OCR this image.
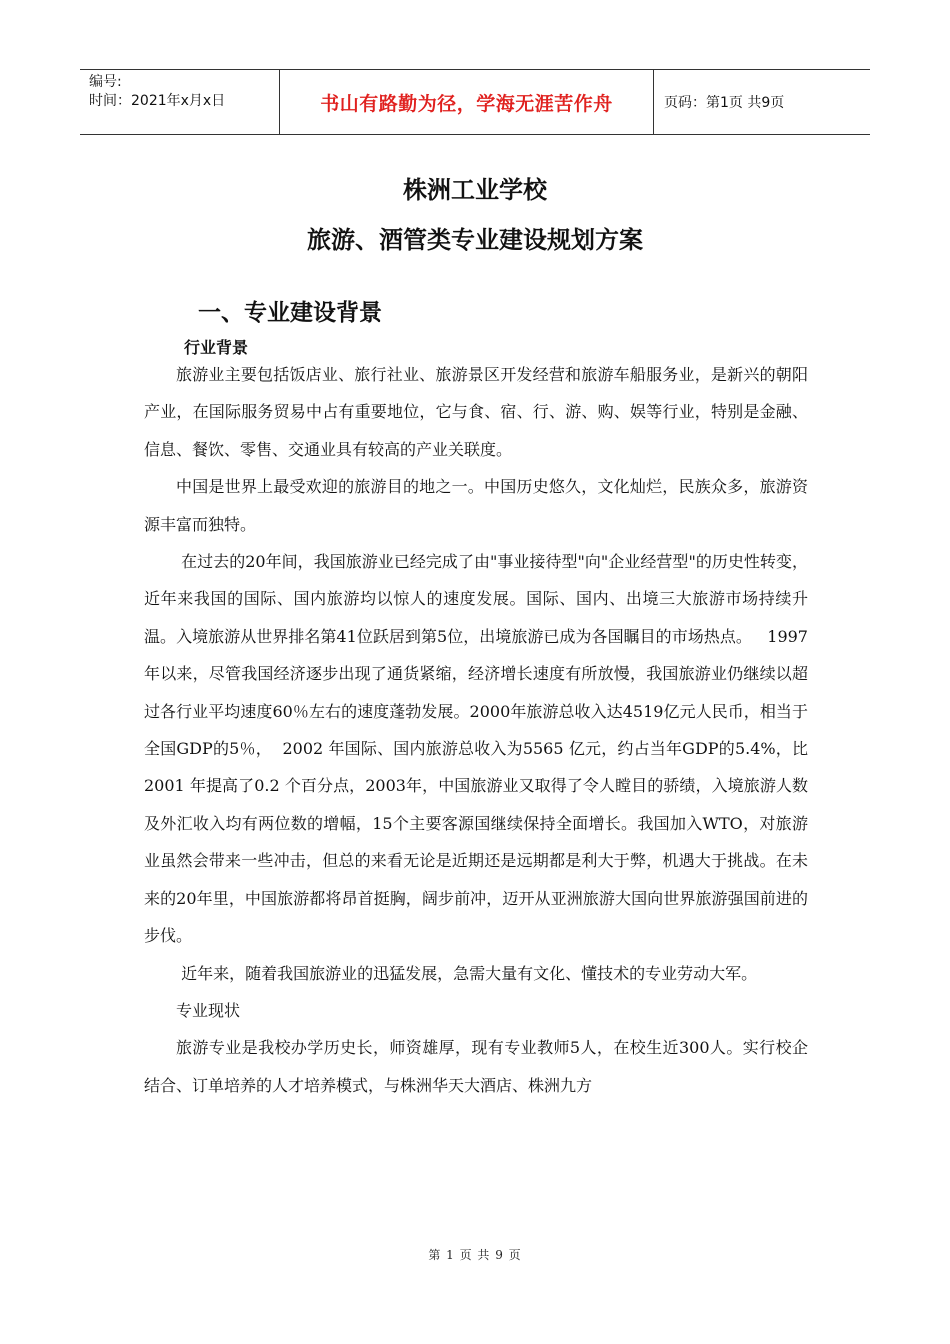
编号:
时间：2021年x月x日	书山有路勤为径，学海无涯苦作舟	页码：第1页 共9页
株洲工业学校
旅游、酒管类专业建设规划方案
一、专业建设背景
行业背景

旅游业主要包括饭店业、旅行社业、旅游景区开发经营和旅游车船服务业，是新兴的朝阳产业，在国际服务贸易中占有重要地位，它与食、宿、行、游、购、娱等行业，特别是金融、信息、餐饮、零售、交通业具有较高的产业关联度。

中国是世界上最受欢迎的旅游目的地之一。中国历史悠久，文化灿烂，民族众多，旅游资源丰富而独特。

在过去的20年间，我国旅游业已经完成了由"事业接待型"向"企业经营型"的历史性转变，近年来我国的国际、国内旅游均以惊人的速度发展。国际、国内、出境三大旅游市场持续升温。入境旅游从世界排名第41位跃居到第5位，出境旅游已成为各国瞩目的市场热点。   1997年以来，尽管我国经济逐步出现了通货紧缩，经济增长速度有所放慢，我国旅游业仍继续以超过各行业平均速度60％左右的速度蓬勃发展。2000年旅游总收入达4519亿元人民币，相当于全国GDP的5％，  2002 年国际、国内旅游总收入为5565 亿元，约占当年GDP的5.4%，比2001 年提高了0.2 个百分点，2003年，中国旅游业又取得了令人瞠目的骄绩，入境旅游人数及外汇收入均有两位数的增幅，15个主要客源国继续保持全面增长。我国加入WTO，对旅游业虽然会带来一些冲击，但总的来看无论是近期还是远期都是利大于弊，机遇大于挑战。在未来的20年里，中国旅游都将昂首挺胸，阔步前冲，迈开从亚洲旅游大国向世界旅游强国前进的步伐。

近年来，随着我国旅游业的迅猛发展，急需大量有文化、懂技术的专业劳动大军。

专业现状

旅游专业是我校办学历史长，师资雄厚，现有专业教师5人，在校生近300人。实行校企结合、订单培养的人才培养模式，与株洲华天大酒店、株洲九方

第 1 页 共 9 页
